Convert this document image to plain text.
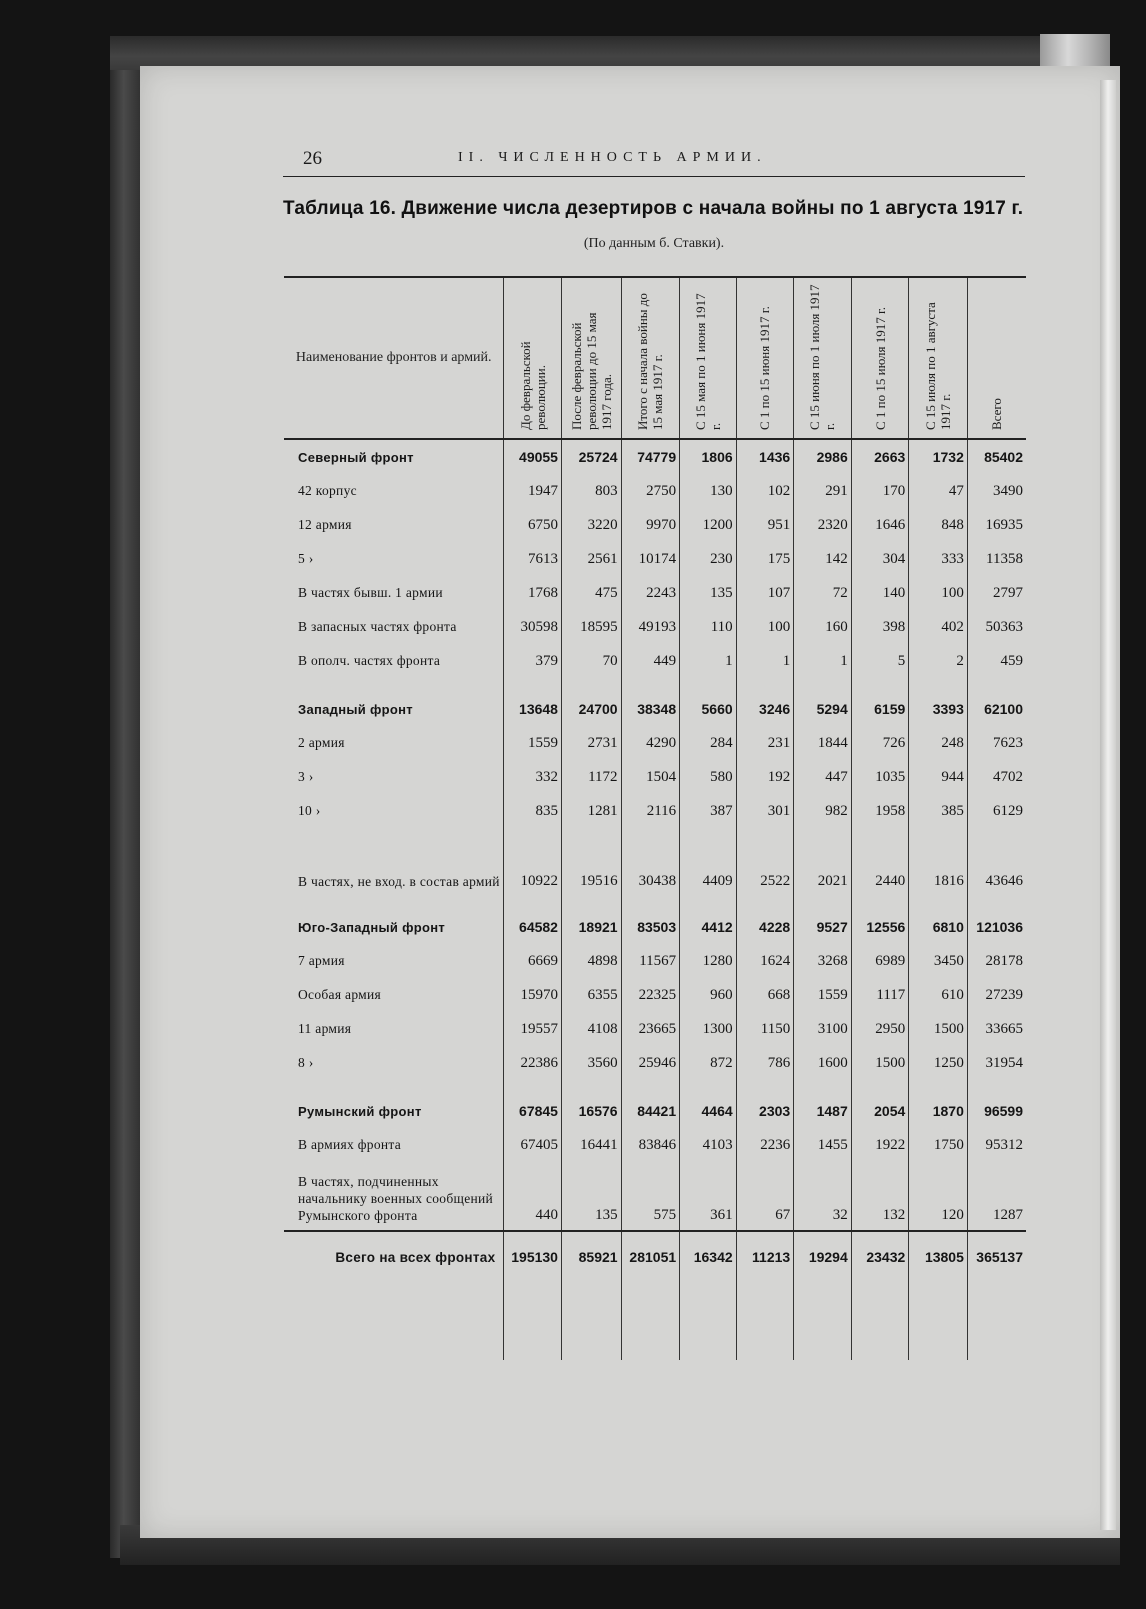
26	II. ЧИСЛЕННОСТЬ АРМИИ.
Таблица 16. Движение числа дезертиров с начала войны по 1 августа 1917 г.
(По данным б. Ставки).
Наименование фронтов и армий.	До февральской революции.	После февральской революции до 15 мая 1917 года.	Итого с начала войны до 15 мая 1917 г.	С 15 мая по 1 июня 1917 г.	С 1 по 15 июня 1917 г.	С 15 июня по 1 июля 1917 г.	С 1 по 15 июля 1917 г.	С 15 июля по 1 августа 1917 г.	Всего

Северный фронт	49055	25724	74779	1806	1436	2986	2663	1732	85402
42 корпус	1947	803	2750	130	102	291	170	47	3490
12 армия	6750	3220	9970	1200	951	2320	1646	848	16935
5 ›	7613	2561	10174	230	175	142	304	333	11358
В частях бывш. 1 армии	1768	475	2243	135	107	72	140	100	2797
В запасных частях фронта	30598	18595	49193	110	100	160	398	402	50363
В ополч. частях фронта	379	70	449	1	1	1	5	2	459
Западный фронт	13648	24700	38348	5660	3246	5294	6159	3393	62100
2 армия	1559	2731	4290	284	231	1844	726	248	7623
3 ›	332	1172	1504	580	192	447	1035	944	4702
10 ›	835	1281	2116	387	301	982	1958	385	6129
В частях, не вход. в состав армий	10922	19516	30438	4409	2522	2021	2440	1816	43646
Юго-Западный фронт	64582	18921	83503	4412	4228	9527	12556	6810	121036
7 армия	6669	4898	11567	1280	1624	3268	6989	3450	28178
Особая армия	15970	6355	22325	960	668	1559	1117	610	27239
11 армия	19557	4108	23665	1300	1150	3100	2950	1500	33665
8 ›	22386	3560	25946	872	786	1600	1500	1250	31954
Румынский фронт	67845	16576	84421	4464	2303	1487	2054	1870	96599
В армиях фронта	67405	16441	83846	4103	2236	1455	1922	1750	95312
В частях, подчиненных начальнику военных сообщений Румынского фронта	440	135	575	361	67	32	132	120	1287
Всего на всех фронтах	195130	85921	281051	16342	11213	19294	23432	13805	365137
